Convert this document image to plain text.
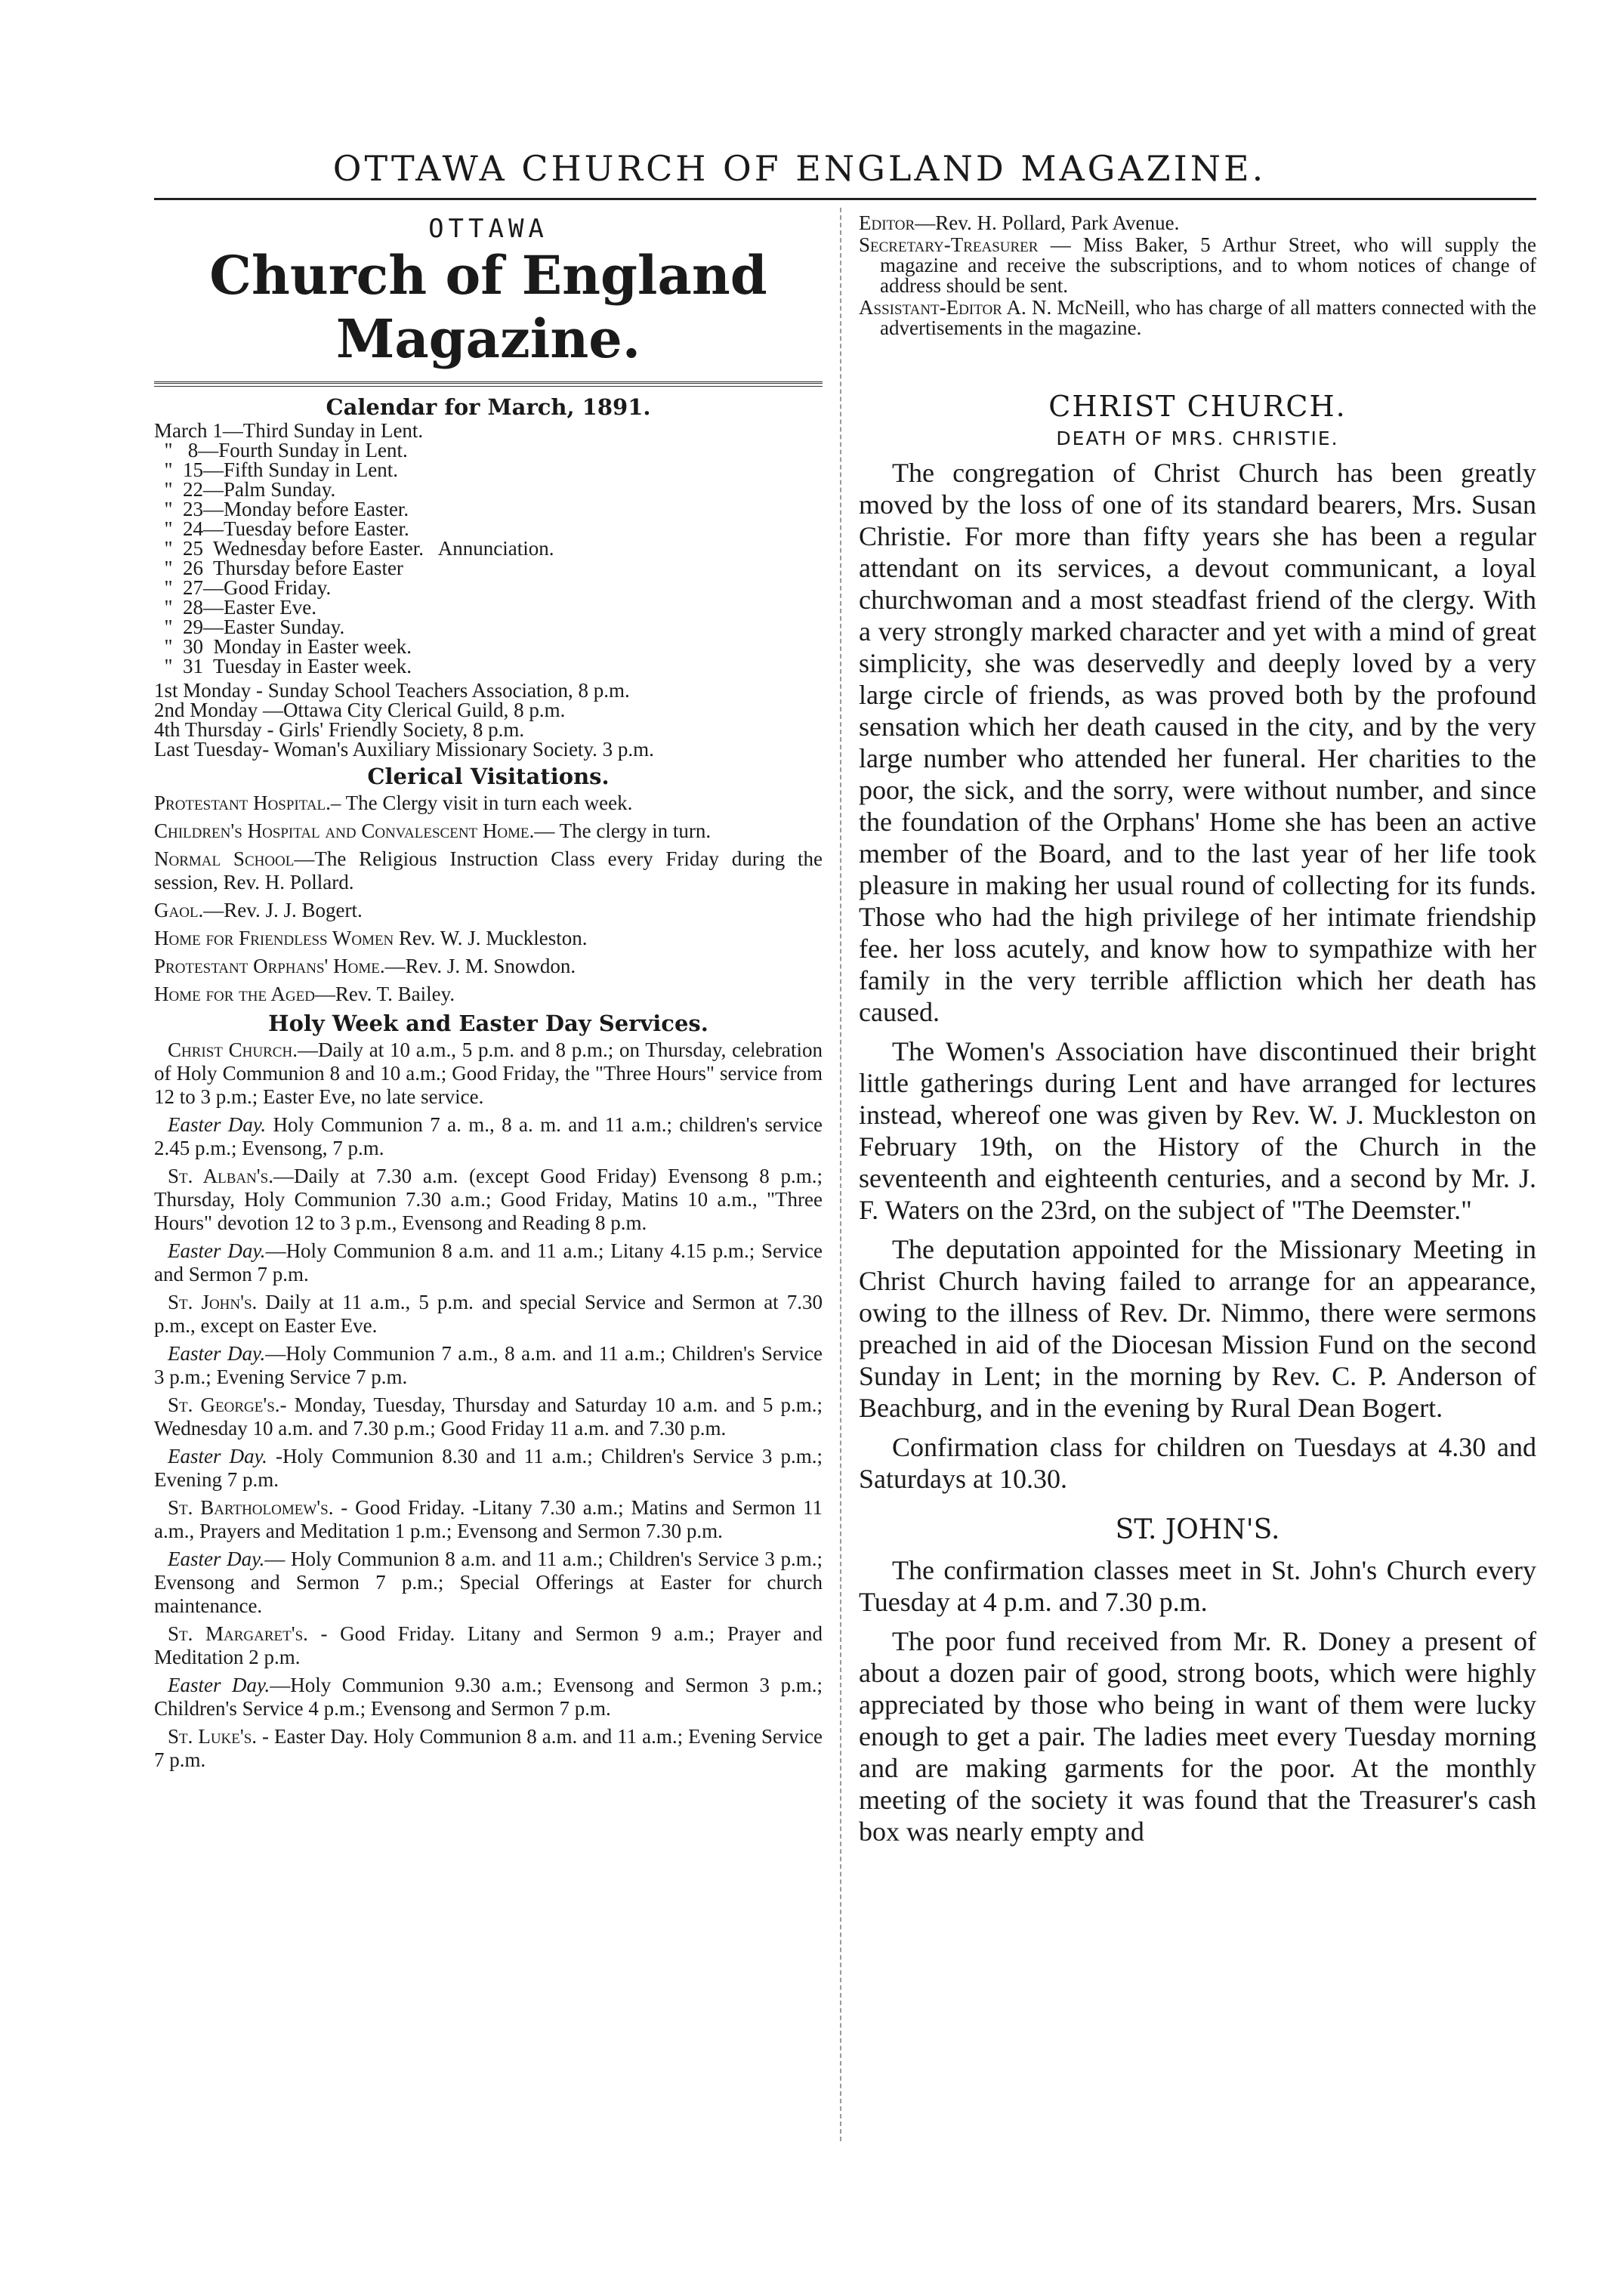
OTTAWA CHURCH OF ENGLAND MAGAZINE.
OTTAWA
Church of England Magazine.
Calendar for March, 1891.
March 1—Third Sunday in Lent.
"   8—Fourth Sunday in Lent.
"  15—Fifth Sunday in Lent.
"  22—Palm Sunday.
"  23—Monday before Easter.
"  24—Tuesday before Easter.
"  25  Wednesday before Easter.   Annunciation.
"  26  Thursday before Easter
"  27—Good Friday.
"  28—Easter Eve.
"  29—Easter Sunday.
"  30  Monday in Easter week.
"  31  Tuesday in Easter week.
1st Monday - Sunday School Teachers Association, 8 p.m.
2nd Monday —Ottawa City Clerical Guild, 8 p.m.
4th Thursday - Girls' Friendly Society, 8 p.m.
Last Tuesday- Woman's Auxiliary Missionary Society. 3 p.m.
Clerical Visitations.

Protestant Hospital.– The Clergy visit in turn each week.

Children's Hospital and Convalescent Home.— The clergy in turn.

Normal School—The Religious Instruction Class every Friday during the session, Rev. H. Pollard.

Gaol.—Rev. J. J. Bogert.

Home for Friendless Women Rev. W. J. Muckleston.

Protestant Orphans' Home.—Rev. J. M. Snowdon.

Home for the Aged—Rev. T. Bailey.

Holy Week and Easter Day Services.

Christ Church.—Daily at 10 a.m., 5 p.m. and 8 p.m.; on Thursday, celebration of Holy Communion 8 and 10 a.m.; Good Friday, the "Three Hours" service from 12 to 3 p.m.; Easter Eve, no late service.

Easter Day. Holy Communion 7 a. m., 8 a. m. and 11 a.m.; children's service 2.45 p.m.; Evensong, 7 p.m.

St. Alban's.—Daily at 7.30 a.m. (except Good Friday) Evensong 8 p.m.; Thursday, Holy Communion 7.30 a.m.; Good Friday, Matins 10 a.m., "Three Hours" devotion 12 to 3 p.m., Evensong and Reading 8 p.m.

Easter Day.—Holy Communion 8 a.m. and 11 a.m.; Litany 4.15 p.m.; Service and Sermon 7 p.m.

St. John's. Daily at 11 a.m., 5 p.m. and special Service and Sermon at 7.30 p.m., except on Easter Eve.

Easter Day.—Holy Communion 7 a.m., 8 a.m. and 11 a.m.; Children's Service 3 p.m.; Evening Service 7 p.m.

St. George's.- Monday, Tuesday, Thursday and Saturday 10 a.m. and 5 p.m.; Wednesday 10 a.m. and 7.30 p.m.; Good Friday 11 a.m. and 7.30 p.m.

Easter Day. -Holy Communion 8.30 and 11 a.m.; Children's Service 3 p.m.; Evening 7 p.m.

St. Bartholomew's. - Good Friday. -Litany 7.30 a.m.; Matins and Sermon 11 a.m., Prayers and Meditation 1 p.m.; Evensong and Sermon 7.30 p.m.

Easter Day.— Holy Communion 8 a.m. and 11 a.m.; Children's Service 3 p.m.; Evensong and Sermon 7 p.m.; Special Offerings at Easter for church maintenance.

St. Margaret's. - Good Friday. Litany and Sermon 9 a.m.; Prayer and Meditation 2 p.m.

Easter Day.—Holy Communion 9.30 a.m.; Evensong and Sermon 3 p.m.; Children's Service 4 p.m.; Evensong and Sermon 7 p.m.

St. Luke's. - Easter Day. Holy Communion 8 a.m. and 11 a.m.; Evening Service 7 p.m.

Editor—Rev. H. Pollard, Park Avenue.

Secretary-Treasurer — Miss Baker, 5 Arthur Street, who will supply the magazine and receive the subscriptions, and to whom notices of change of address should be sent.

Assistant-Editor A. N. McNeill, who has charge of all matters connected with the advertisements in the magazine.

CHRIST CHURCH.
DEATH OF MRS. CHRISTIE.

The congregation of Christ Church has been greatly moved by the loss of one of its standard bearers, Mrs. Susan Christie. For more than fifty years she has been a regular attendant on its services, a devout communicant, a loyal churchwoman and a most steadfast friend of the clergy. With a very strongly marked character and yet with a mind of great simplicity, she was deservedly and deeply loved by a very large circle of friends, as was proved both by the profound sensation which her death caused in the city, and by the very large number who attended her funeral. Her charities to the poor, the sick, and the sorry, were without number, and since the foundation of the Orphans' Home she has been an active member of the Board, and to the last year of her life took pleasure in making her usual round of collecting for its funds. Those who had the high privilege of her intimate friendship fee. her loss acutely, and know how to sympathize with her family in the very terrible affliction which her death has caused.

The Women's Association have discontinued their bright little gatherings during Lent and have arranged for lectures instead, whereof one was given by Rev. W. J. Muckleston on February 19th, on the History of the Church in the seventeenth and eighteenth centuries, and a second by Mr. J. F. Waters on the 23rd, on the subject of "The Deemster."

The deputation appointed for the Missionary Meeting in Christ Church having failed to arrange for an appearance, owing to the illness of Rev. Dr. Nimmo, there were sermons preached in aid of the Diocesan Mission Fund on the second Sunday in Lent; in the morning by Rev. C. P. Anderson of Beachburg, and in the evening by Rural Dean Bogert.

Confirmation class for children on Tuesdays at 4.30 and Saturdays at 10.30.

ST. JOHN'S.

The confirmation classes meet in St. John's Church every Tuesday at 4 p.m. and 7.30 p.m.

The poor fund received from Mr. R. Doney a present of about a dozen pair of good, strong boots, which were highly appreciated by those who being in want of them were lucky enough to get a pair. The ladies meet every Tuesday morning and are making garments for the poor. At the monthly meeting of the society it was found that the Treasurer's cash box was nearly empty and
